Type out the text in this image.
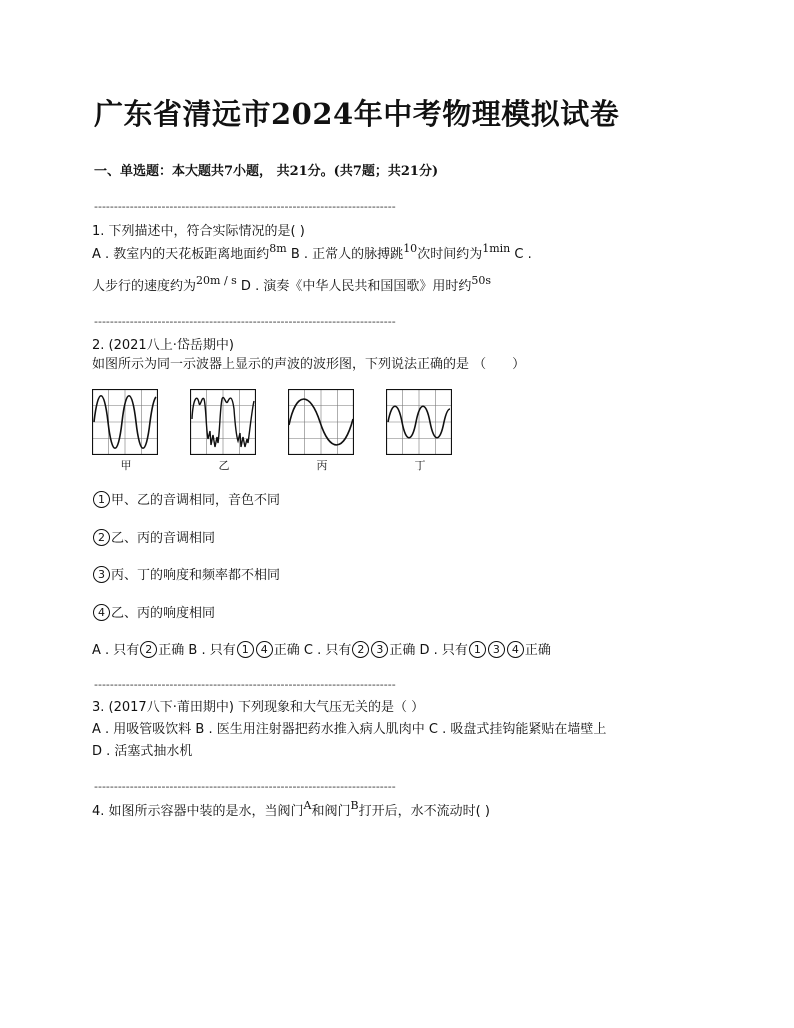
广东省清远市2024年中考物理模拟试卷
一、单选题：本大题共7小题， 共21分。(共7题；共21分)
----------------------------------------------------------------------------
1. 下列描述中，符合实际情况的是( )
A . 教室内的天花板距离地面约$^{8m}$ B . 正常人的脉搏跳$^{10}$次时间约为$^{1min}$ C .
人步行的速度约为$^{20m / s}$ D . 演奏《中华人民共和国国歌》用时约$^{50s}$
----------------------------------------------------------------------------
2. (2021八上·岱岳期中)
如图所示为同一示波器上显示的声波的波形图，下列说法正确的是 （　　）
甲	乙	丙	丁
1 甲、乙的音调相同，音色不同
2 乙、丙的音调相同
3 丙、丁的响度和频率都不相同
4 乙、丙的响度相同
A . 只有 2 正确 B . 只有 1 4 正确 C . 只有 2 3 正确 D . 只有 1 3 4 正确
----------------------------------------------------------------------------
3. (2017八下·莆田期中) 下列现象和大气压无关的是（ ）
A . 用吸管吸饮料 B . 医生用注射器把药水推入病人肌肉中 C . 吸盘式挂钩能紧贴在墙壁上
D . 活塞式抽水机
----------------------------------------------------------------------------
4. 如图所示容器中装的是水，当阀门$^A$和阀门$^B$打开后，水不流动时( )
